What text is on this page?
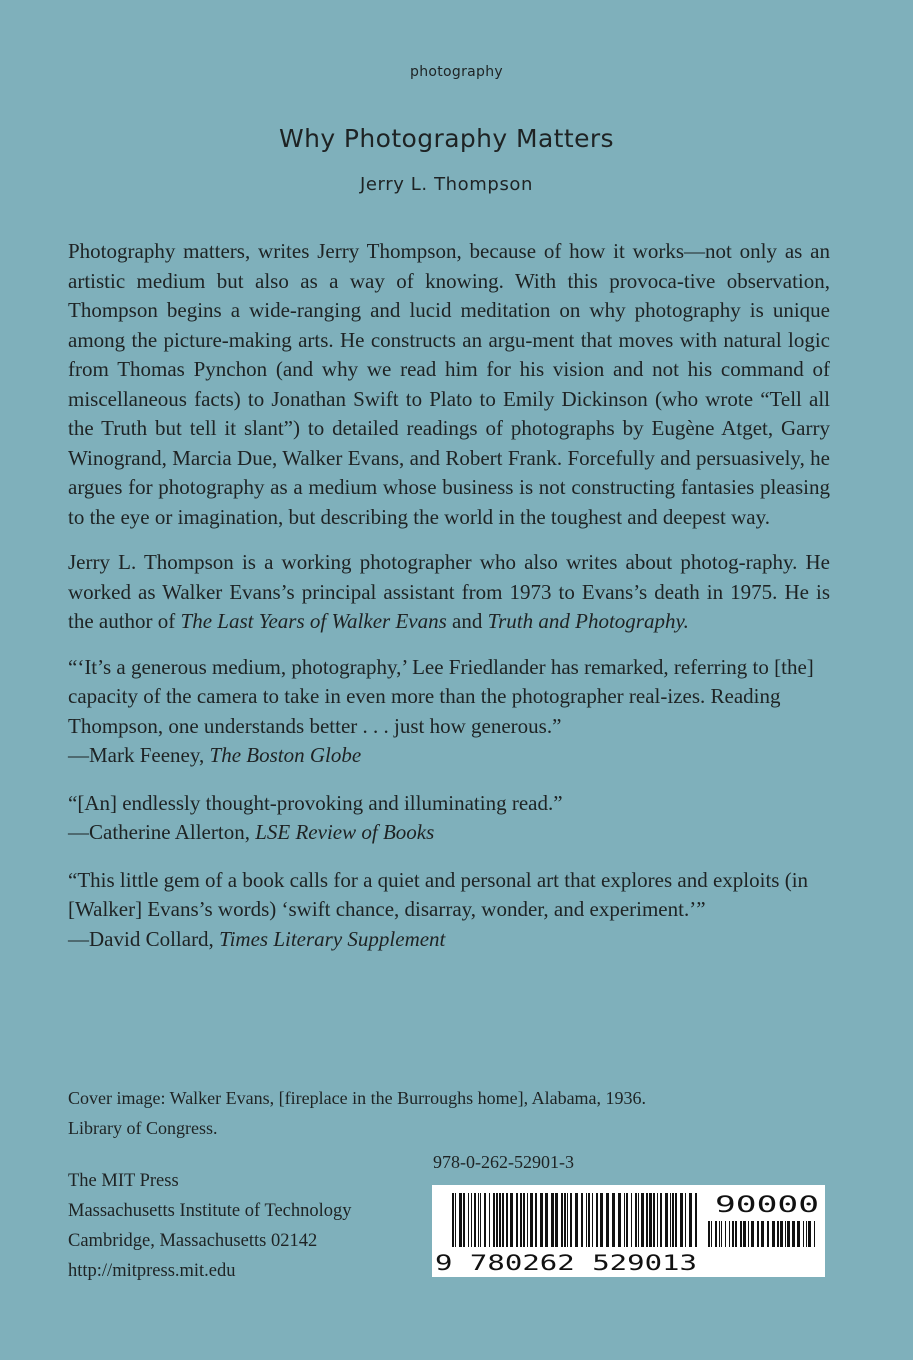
photography
Why Photography Matters
Jerry L. Thompson

Photography matters, writes Jerry Thompson, because of how it works—not only as an artistic medium but also as a way of knowing. With this provoca-tive observation, Thompson begins a wide-ranging and lucid meditation on why photography is unique among the picture-making arts. He constructs an argu-ment that moves with natural logic from Thomas Pynchon (and why we read him for his vision and not his command of miscellaneous facts) to Jonathan Swift to Plato to Emily Dickinson (who wrote “Tell all the Truth but tell it slant”) to detailed readings of photographs by Eugène Atget, Garry Winogrand, Marcia Due, Walker Evans, and Robert Frank. Forcefully and persuasively, he argues for photography as a medium whose business is not constructing fantasies pleasing to the eye or imagination, but describing the world in the toughest and deepest way.

Jerry L. Thompson is a working photographer who also writes about photog-raphy. He worked as Walker Evans’s principal assistant from 1973 to Evans’s death in 1975. He is the author of The Last Years of Walker Evans and Truth and Photography.

“‘It’s a generous medium, photography,’ Lee Friedlander has remarked, referring to [the] capacity of the camera to take in even more than the photographer real-izes. Reading Thompson, one understands better . . . just how generous.”
—Mark Feeney, The Boston Globe

“[An] endlessly thought-provoking and illuminating read.”
—Catherine Allerton, LSE Review of Books

“This little gem of a book calls for a quiet and personal art that explores and exploits (in [Walker] Evans’s words) ‘swift chance, disarray, wonder, and experiment.’”
—David Collard, Times Literary Supplement

Cover image: Walker Evans, [fireplace in the Burroughs home], Alabama, 1936.
Library of Congress.
The MIT Press
Massachusetts Institute of Technology
Cambridge, Massachusetts 02142
http://mitpress.mit.edu
978-0-262-52901-3
9 780262 529013
90000
